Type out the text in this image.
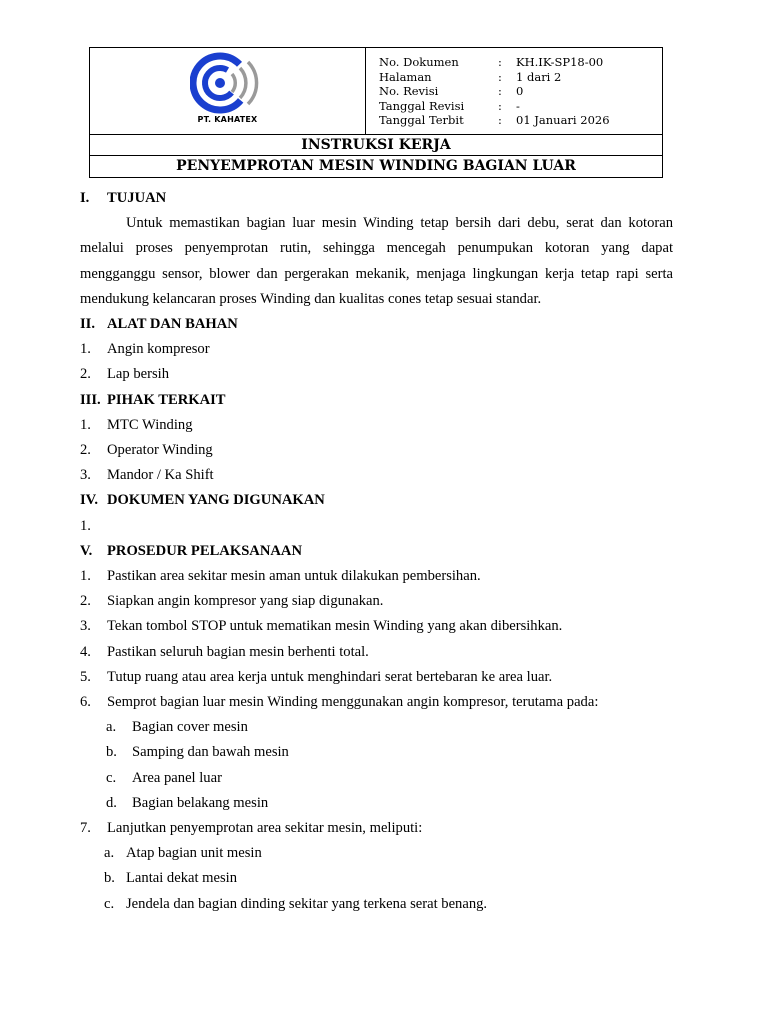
PT. KAHATEX
No. Dokumen	:	KH.IK-SP18-00
Halaman	:	1 dari 2
No. Revisi	:	0
Tanggal Revisi	:	-
Tanggal Terbit	:	01 Januari 2026
INSTRUKSI KERJA
PENYEMPROTAN MESIN WINDING BAGIAN LUAR
I.	TUJUAN
Untuk memastikan bagian luar mesin Winding tetap bersih dari debu, serat dan kotoran melalui proses penyemprotan rutin, sehingga mencegah penumpukan kotoran yang dapat mengganggu sensor, blower dan pergerakan mekanik, menjaga lingkungan kerja tetap rapi serta mendukung kelancaran proses Winding dan kualitas cones tetap sesuai standar.
II. ALAT DAN BAHAN
1.	Angin kompresor
2.	Lap bersih
III. PIHAK TERKAIT
1.	MTC Winding
2.	Operator Winding
3.	Mandor / Ka Shift
IV. DOKUMEN YANG DIGUNAKAN
1.
V.	PROSEDUR PELAKSANAAN
1.	Pastikan area sekitar mesin aman untuk dilakukan pembersihan.
2.	Siapkan angin kompresor yang siap digunakan.
3.	Tekan tombol STOP untuk mematikan mesin Winding yang akan dibersihkan.
4.	Pastikan seluruh bagian mesin berhenti total.
5.	Tutup ruang atau area kerja untuk menghindari serat bertebaran ke area luar.
6.	Semprot bagian luar mesin Winding menggunakan angin kompresor, terutama pada:
a.	Bagian cover mesin
b.	Samping dan bawah mesin
c.	Area panel luar
d.	Bagian belakang mesin
7.	Lanjutkan penyemprotan area sekitar mesin, meliputi:
a. Atap bagian unit mesin
b. Lantai dekat mesin
c. Jendela dan bagian dinding sekitar yang terkena serat benang.
